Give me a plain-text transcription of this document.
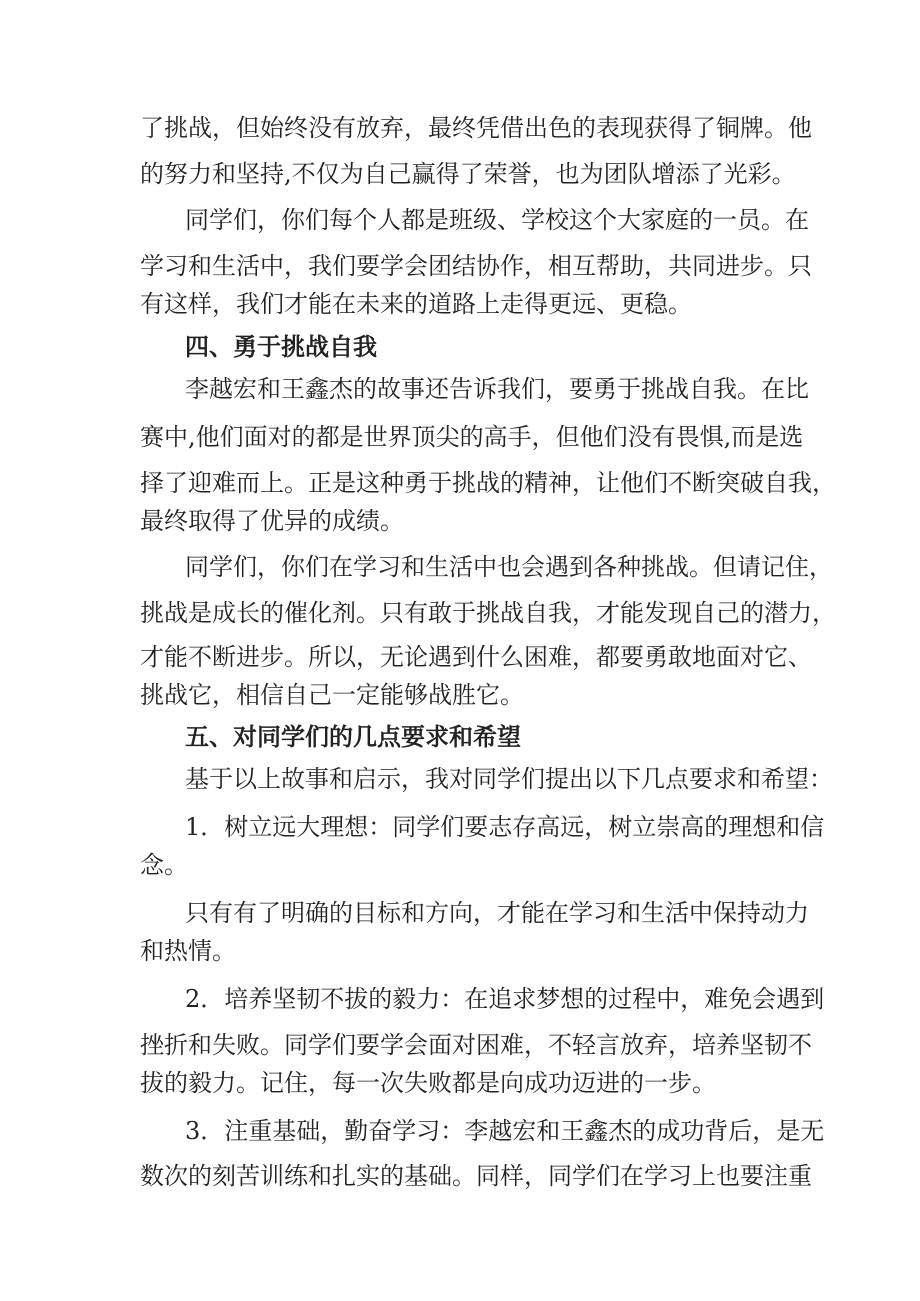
了挑战，但始终没有放弃，最终凭借出色的表现获得了铜牌。他

的努力和坚持,不仅为自己赢得了荣誉，也为团队增添了光彩。

同学们，你们每个人都是班级、学校这个大家庭的一员。在

学习和生活中，我们要学会团结协作，相互帮助，共同进步。只

有这样，我们才能在未来的道路上走得更远、更稳。

四、勇于挑战自我

李越宏和王鑫杰的故事还告诉我们，要勇于挑战自我。在比

赛中,他们面对的都是世界顶尖的高手，但他们没有畏惧,而是选

择了迎难而上。正是这种勇于挑战的精神，让他们不断突破自我，

最终取得了优异的成绩。

同学们，你们在学习和生活中也会遇到各种挑战。但请记住，

挑战是成长的催化剂。只有敢于挑战自我，才能发现自己的潜力，

才能不断进步。所以，无论遇到什么困难，都要勇敢地面对它、

挑战它，相信自己一定能够战胜它。

五、对同学们的几点要求和希望

基于以上故事和启示，我对同学们提出以下几点要求和希望：

1．树立远大理想：同学们要志存高远，树立崇高的理想和信

念。

只有有了明确的目标和方向，才能在学习和生活中保持动力

和热情。

2．培养坚韧不拔的毅力：在追求梦想的过程中，难免会遇到

挫折和失败。同学们要学会面对困难，不轻言放弃，培养坚韧不

拔的毅力。记住，每一次失败都是向成功迈进的一步。

3．注重基础，勤奋学习：李越宏和王鑫杰的成功背后，是无

数次的刻苦训练和扎实的基础。同样，同学们在学习上也要注重
